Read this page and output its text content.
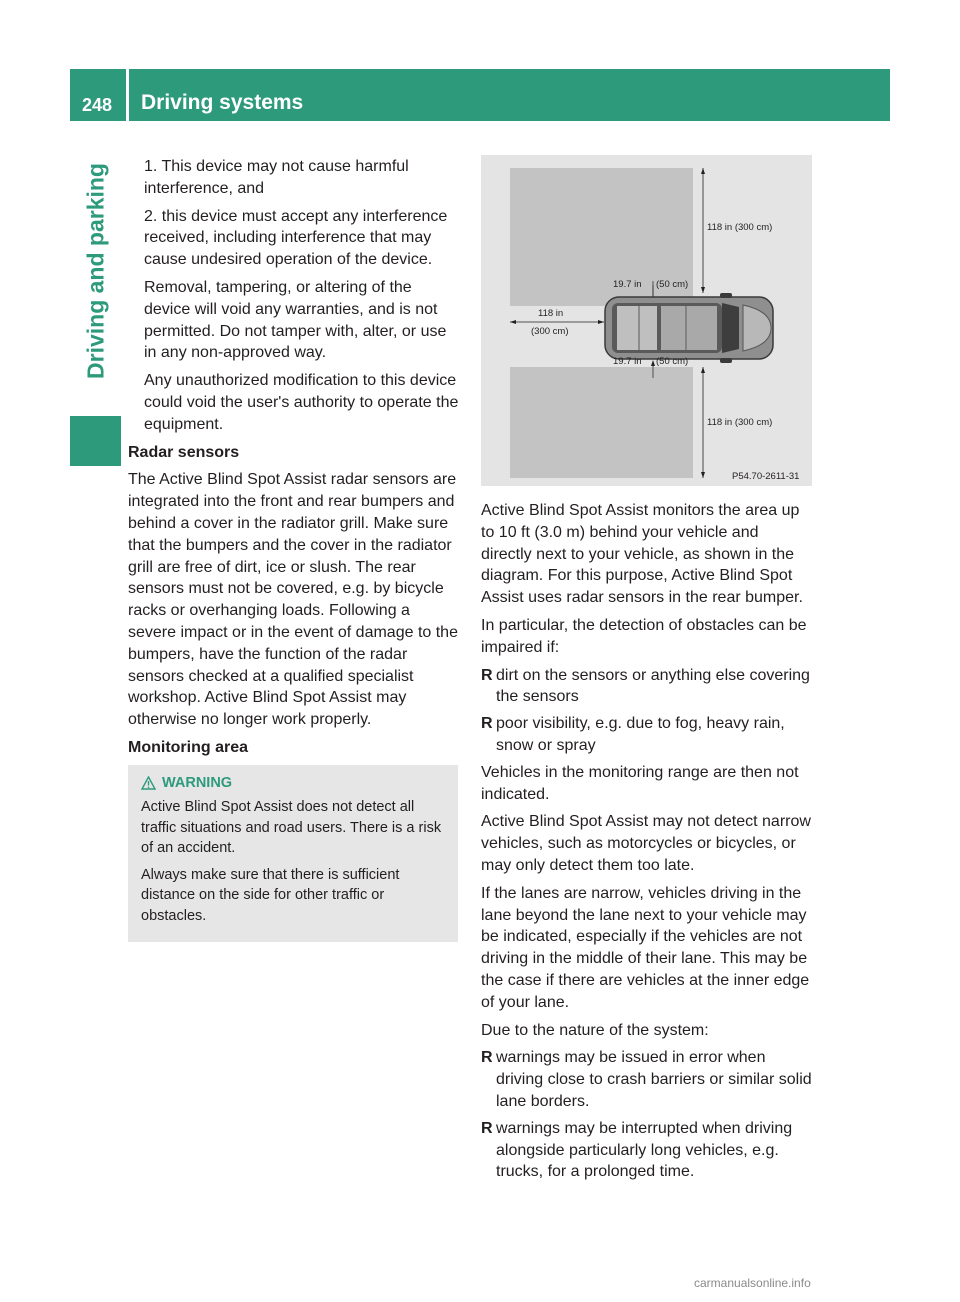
248 Driving systems
Driving and parking	1. This device may not cause harmful interference, and

2. this device must accept any interference received, including interference that may cause undesired operation of the device.

Removal, tampering, or altering of the device will void any warranties, and is not permitted. Do not tamper with, alter, or use in any non-approved way.

Any unauthorized modification to this device could void the user's authority to operate the equipment.

Radar sensors

The Active Blind Spot Assist radar sensors are integrated into the front and rear bumpers and behind a cover in the radiator grill. Make sure that the bumpers and the cover in the radiator grill are free of dirt, ice or slush. The rear sensors must not be covered, e.g. by bicycle racks or overhanging loads. Following a severe impact or in the event of damage to the bumpers, have the function of the radar sensors checked at a qualified specialist workshop. Active Blind Spot Assist may otherwise no longer work properly.

Monitoring area
WARNING

Active Blind Spot Assist does not detect all traffic situations and road users. There is a risk of an accident.

Always make sure that there is sufficient distance on the side for other traffic or obstacles.

118 in (300 cm)
118 in (300 cm)
19.7 in (50 cm)
19.7 in (50 cm)
118 in
(300 cm)
P54.70-2611-31

Active Blind Spot Assist monitors the area up to 10 ft (3.0 m) behind your vehicle and directly next to your vehicle, as shown in the diagram. For this purpose, Active Blind Spot Assist uses radar sensors in the rear bumper.

In particular, the detection of obstacles can be impaired if:

R dirt on the sensors or anything else covering the sensors
R poor visibility, e.g. due to fog, heavy rain, snow or spray

Vehicles in the monitoring range are then not indicated.

Active Blind Spot Assist may not detect narrow vehicles, such as motorcycles or bicycles, or may only detect them too late.

If the lanes are narrow, vehicles driving in the lane beyond the lane next to your vehicle may be indicated, especially if the vehicles are not driving in the middle of their lane. This may be the case if there are vehicles at the inner edge of your lane.

Due to the nature of the system:

R warnings may be issued in error when driving close to crash barriers or similar solid lane borders.
R warnings may be interrupted when driving alongside particularly long vehicles, e.g. trucks, for a prolonged time.
carmanualsonline.info
